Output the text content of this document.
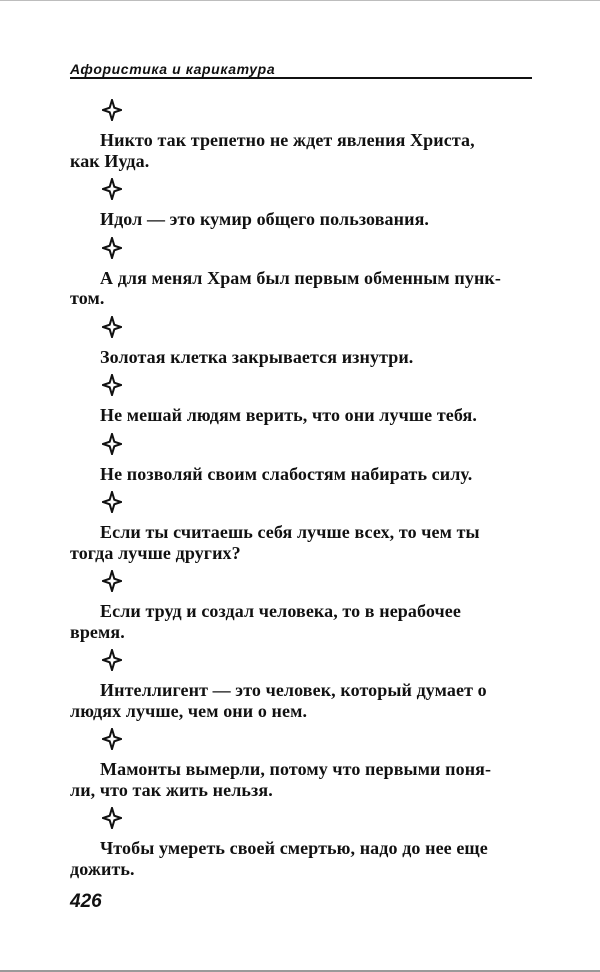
Афористика и карикатура

Никто так трепетно не ждет явления Христа,
как Иуда.

Идол — это кумир общего пользования.

А для менял Храм был первым обменным пунк-
том.

Золотая клетка закрывается изнутри.

Не мешай людям верить, что они лучше тебя.

Не позволяй своим слабостям набирать силу.

Если ты считаешь себя лучше всех, то чем ты
тогда лучше других?

Если труд и создал человека, то в нерабочее
время.

Интеллигент — это человек, который думает о
людях лучше, чем они о нем.

Мамонты вымерли, потому что первыми поня-
ли, что так жить нельзя.

Чтобы умереть своей смертью, надо до нее еще
дожить.

426
